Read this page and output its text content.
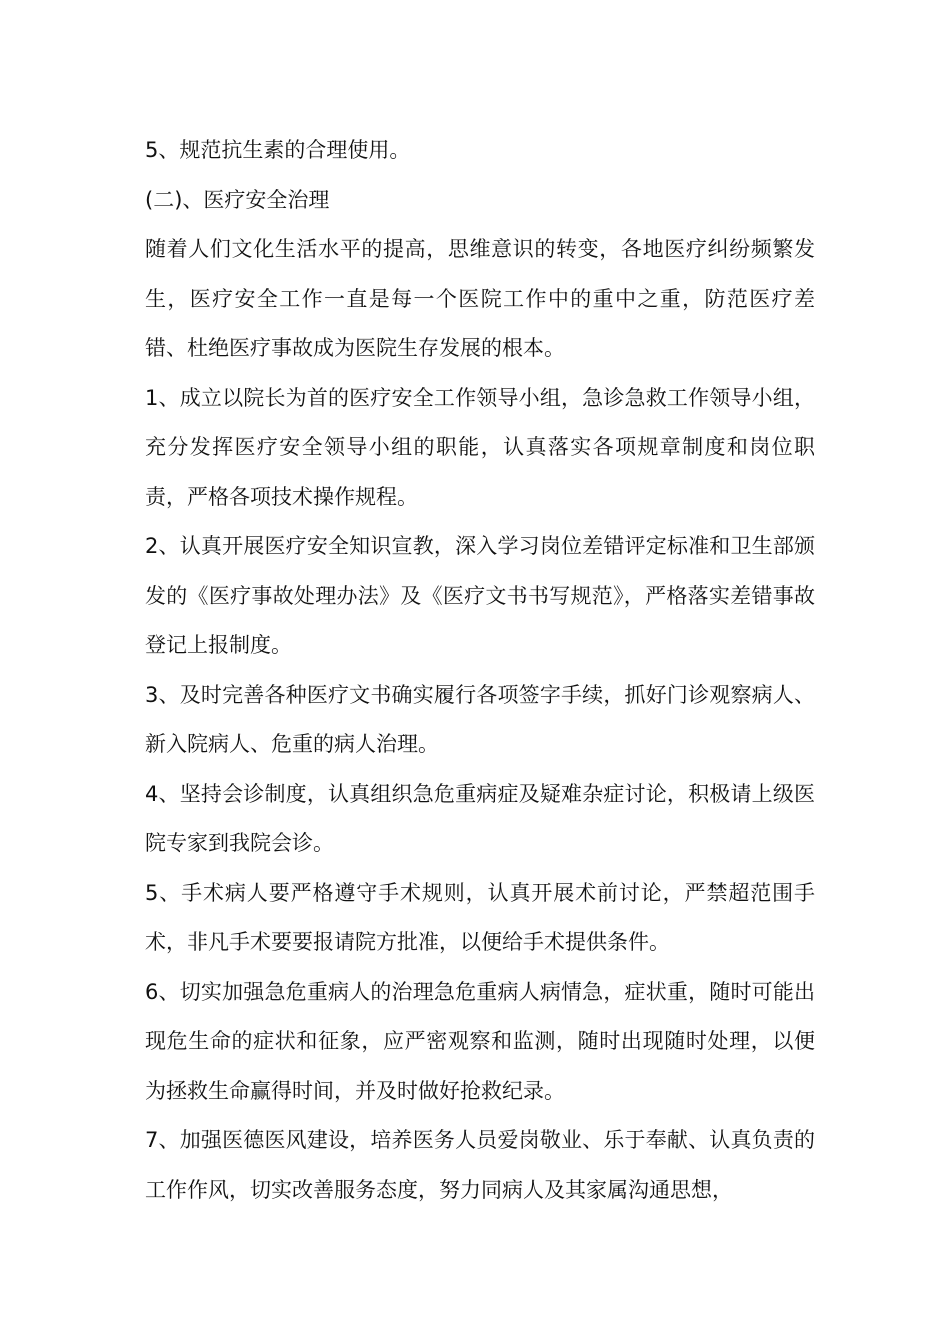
5、规范抗生素的合理使用。

(二)、医疗安全治理

随着人们文化生活水平的提高，思维意识的转变，各地医疗纠纷频繁发生，医疗安全工作一直是每一个医院工作中的重中之重，防范医疗差错、杜绝医疗事故成为医院生存发展的根本。

1、成立以院长为首的医疗安全工作领导小组，急诊急救工作领导小组，充分发挥医疗安全领导小组的职能，认真落实各项规章制度和岗位职责，严格各项技术操作规程。

2、认真开展医疗安全知识宣教，深入学习岗位差错评定标准和卫生部颁发的《医疗事故处理办法》及《医疗文书书写规范》，严格落实差错事故登记上报制度。

3、及时完善各种医疗文书确实履行各项签字手续，抓好门诊观察病人、新入院病人、危重的病人治理。

4、坚持会诊制度，认真组织急危重病症及疑难杂症讨论，积极请上级医院专家到我院会诊。

5、手术病人要严格遵守手术规则，认真开展术前讨论，严禁超范围手术，非凡手术要要报请院方批准，以便给手术提供条件。

6、切实加强急危重病人的治理急危重病人病情急，症状重，随时可能出现危生命的症状和征象，应严密观察和监测，随时出现随时处理，以便为拯救生命赢得时间，并及时做好抢救纪录。

7、加强医德医风建设，培养医务人员爱岗敬业、乐于奉献、认真负责的工作作风，切实改善服务态度，努力同病人及其家属沟通思想，
